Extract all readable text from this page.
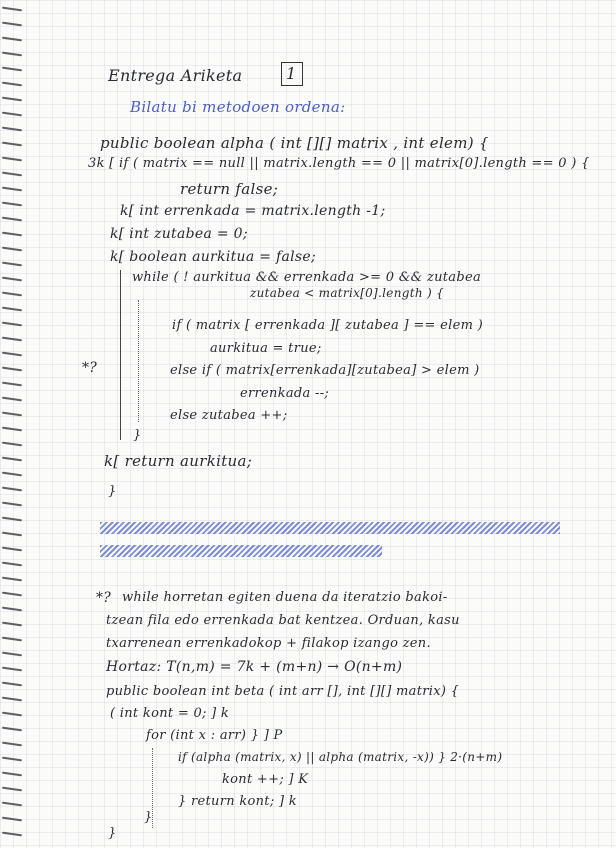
Entrega Ariketa	1
Bilatu bi metodoen ordena:
public boolean alpha ( int [][] matrix , int elem) {
3k [ if ( matrix == null || matrix.length == 0 || matrix[0].length == 0 ) {
return false;
k[ int errenkada = matrix.length -1;
k[ int zutabea = 0;
k[ boolean aurkitua = false;
while ( ! aurkitua && errenkada >= 0 && zutabea
zutabea < matrix[0].length ) {
if ( matrix [ errenkada ][ zutabea ] == elem )
aurkitua = true;
*?	else if ( matrix[errenkada][zutabea] > elem )
errenkada --;
else zutabea ++;
}
k[ return aurkitua;
}
*? while horretan egiten duena da iteratzio bakoi-
tzean fila edo errenkada bat kentzea. Orduan, kasu
txarrenean errenkadokop + filakop izango zen.
Hortaz: T(n,m) = 7k + (m+n) → O(n+m)
public boolean int beta ( int arr [], int [][] matrix) {
( int kont = 0; ] k
for (int x : arr) } ] P
if (alpha (matrix, x) || alpha (matrix, -x)) } 2·(n+m)
kont ++; ] K
} return kont; ] k
}
}
